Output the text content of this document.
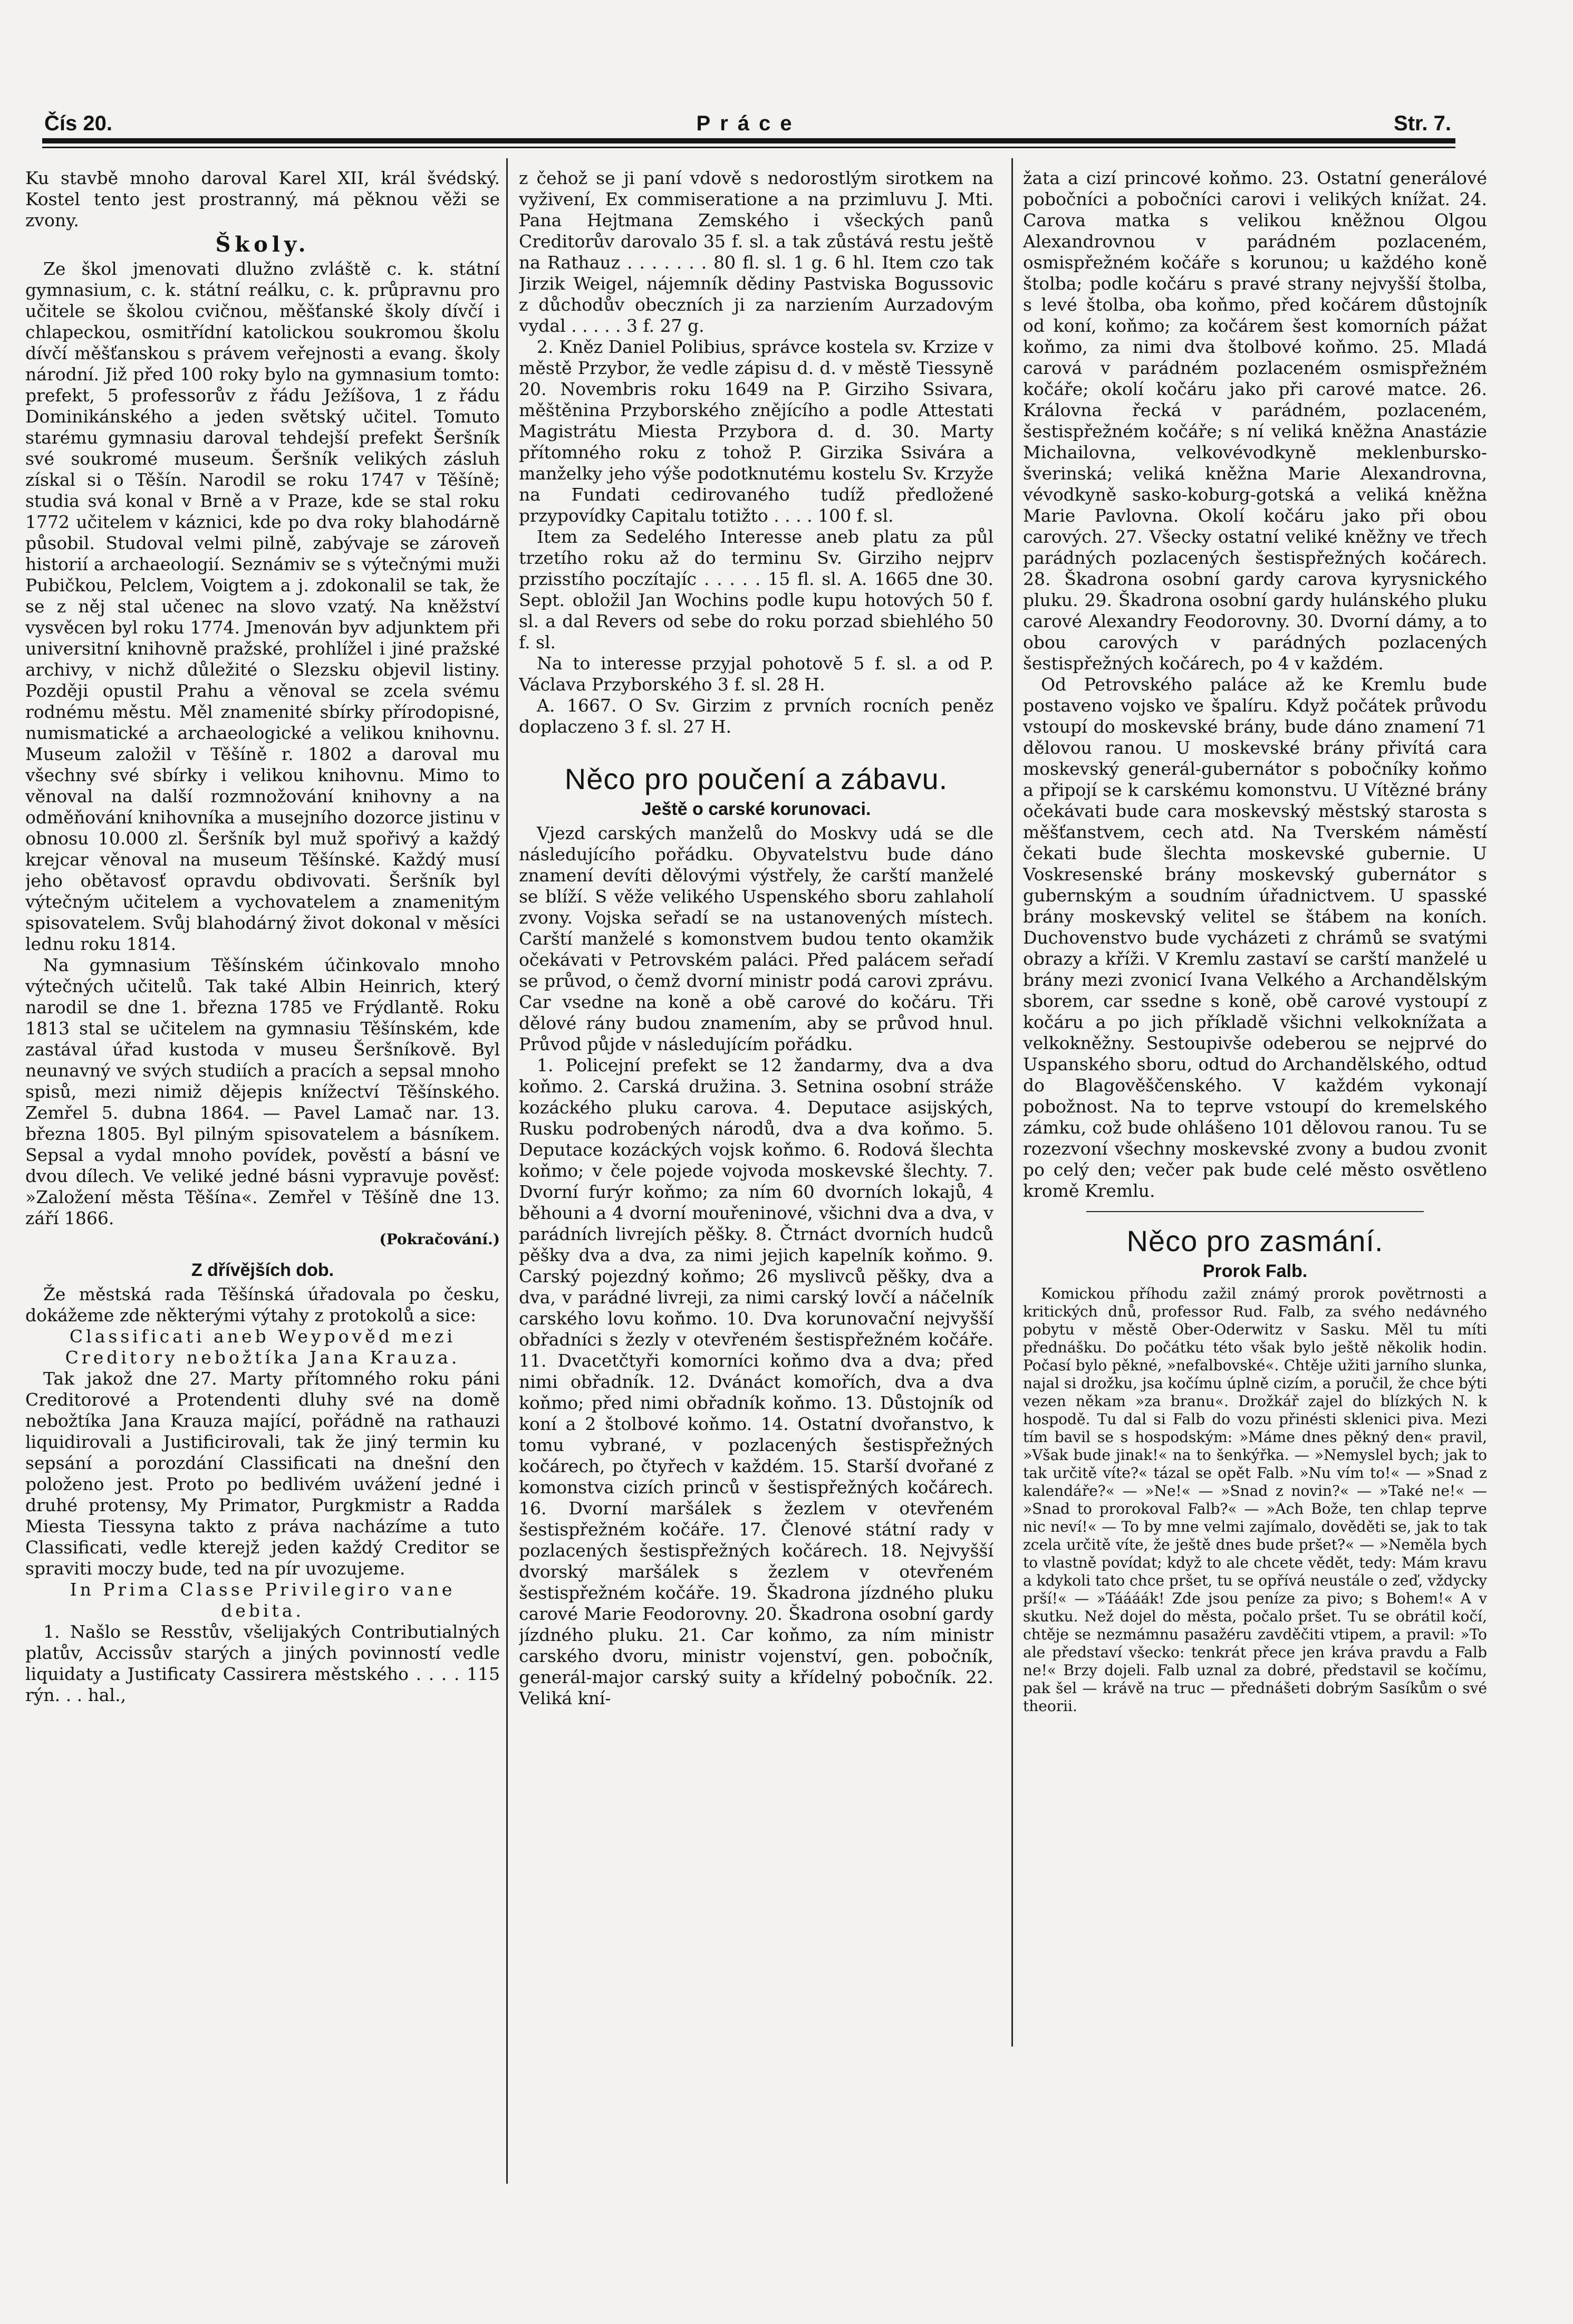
Čís 20.	Práce	Str. 7.

Ku stavbě mnoho daroval Karel XII, král švédský. Kostel tento jest prostranný, má pěknou věži se zvony.

Školy.

Ze škol jmenovati dlužno zvláště c. k. státní gymnasium, c. k. státní reálku, c. k. průpravnu pro učitele se školou cvičnou, měšťanské školy dívčí i chlapeckou, osmitřídní katolickou soukromou školu dívčí měšťanskou s právem veřejnosti a evang. školy národní. Již před 100 roky bylo na gymnasium tomto: prefekt, 5 professorův z řádu Ježíšova, 1 z řádu Dominikánského a jeden světský učitel. Tomuto starému gymnasiu daroval tehdejší prefekt Šeršník své soukromé museum. Šeršník velikých zásluh získal si o Těšín. Narodil se roku 1747 v Těšíně; studia svá konal v Brně a v Praze, kde se stal roku 1772 učitelem v káznici, kde po dva roky blahodárně působil. Studoval velmi pilně, zabývaje se zároveň historií a archaeologií. Seznámiv se s výtečnými muži Pubičkou, Pelclem, Voigtem a j. zdokonalil se tak, že se z něj stal učenec na slovo vzatý. Na kněžství vysvěcen byl roku 1774. Jmenován byv adjunktem při universitní knihovně pražské, prohlížel i jiné pražské archivy, v nichž důležité o Slezsku objevil listiny. Později opustil Prahu a věnoval se zcela svému rodnému městu. Měl znamenité sbírky přírodopisné, numismatické a archaeologické a velikou knihovnu. Museum založil v Těšíně r. 1802 a daroval mu všechny své sbírky i velikou knihovnu. Mimo to věnoval na další rozmnožování knihovny a na odměňování knihovníka a musejního dozorce jistinu v obnosu 10.000 zl. Šeršník byl muž spořivý a každý krejcar věnoval na museum Těšínské. Každý musí jeho obětavosť opravdu obdivovati. Šeršník byl výtečným učitelem a vychovatelem a znamenitým spisovatelem. Svůj blahodárný život dokonal v měsíci lednu roku 1814.

Na gymnasium Těšínském účinkovalo mnoho výtečných učitelů. Tak také Albin Heinrich, který narodil se dne 1. března 1785 ve Frýdlantě. Roku 1813 stal se učitelem na gymnasiu Těšínském, kde zastával úřad kustoda v museu Šeršníkově. Byl neunavný ve svých studiích a pracích a sepsal mnoho spisů, mezi nimiž dějepis knížectví Těšínského. Zemřel 5. dubna 1864. — Pavel Lamač nar. 13. března 1805. Byl pilným spisovatelem a básníkem. Sepsal a vydal mnoho povídek, pověstí a básní ve dvou dílech. Ve veliké jedné básni vypravuje pověsť: »Založení města Těšína«. Zemřel v Těšíně dne 13. září 1866.

(Pokračování.)
Z dřívějších dob.

Že městská rada Těšínská úřadovala po česku, dokážeme zde některými výtahy z protokolů a sice:

Classificati aneb Weypověd mezi Creditory nebožtíka Jana Krauza.

Tak jakož dne 27. Marty přítomného roku páni Creditorové a Protendenti dluhy své na domě nebožtíka Jana Krauza mající, pořádně na rathauzi liquidirovali a Justificirovali, tak že jiný termin ku sepsání a porozdání Classificati na dnešní den položeno jest. Proto po bedlivém uvážení jedné i druhé protensy, My Primator, Purgkmistr a Radda Miesta Tiessyna takto z práva nacházíme a tuto Classificati, vedle kterejž jeden každý Creditor se spraviti moczy bude, ted na pír uvozujeme.

In Prima Classe Privilegiro vane debita.

1. Našlo se Resstův, všelijakých Contributialných platův, Accissův starých a jiných povinností vedle liquidaty a Justificaty Cassirera městského . . . . 115 rýn. . . hal.,

z čehož se ji paní vdově s nedorostlým sirotkem na vyživení, Ex commiseratione a na przimluvu J. Mti. Pana Hejtmana Zemského i všeckých panů Creditorův darovalo 35 f. sl. a tak zůstává restu ještě na Rathauz . . . . . . . 80 fl. sl. 1 g. 6 hl. Item czo tak Jirzik Weigel, nájemník dědiny Pastviska Bogussovic z důchodův obeczních ji za narziením Aurzadovým vydal . . . . . 3 f. 27 g.

2. Kněz Daniel Polibius, správce kostela sv. Krzize v městě Przybor, že vedle zápisu d. d. v městě Tiessyně 20. Novembris roku 1649 na P. Girziho Ssivara, měštěnina Przyborského znějícího a podle Attestati Magistrátu Miesta Przybora d. d. 30. Marty přítomného roku z tohož P. Girzika Ssivára a manželky jeho výše podotknutému kostelu Sv. Krzyže na Fundati cedirovaného tudíž předložené przypovídky Capitalu totižto . . . . 100 f. sl.

Item za Sedelého Interesse aneb platu za půl trzetího roku až do terminu Sv. Girziho nejprv przisstího poczítajíc . . . . . 15 fl. sl. A. 1665 dne 30. Sept. obložil Jan Wochins podle kupu hotových 50 f. sl. a dal Revers od sebe do roku porzad sbiehlého 50 f. sl.

Na to interesse przyjal pohotově 5 f. sl. a od P. Václava Przyborského 3 f. sl. 28 H.

A. 1667. O Sv. Girzim z prvních rocních peněz doplaczeno 3 f. sl. 27 H.

Něco pro poučení a zábavu.
Ještě o carské korunovaci.

Vjezd carských manželů do Moskvy udá se dle následujícího pořádku. Obyvatelstvu bude dáno znamení devíti dělovými výstřely, že carští manželé se blíží. S věže velikého Uspenského sboru zahlaholí zvony. Vojska seřadí se na ustanovených místech. Carští manželé s komonstvem budou tento okamžik očekávati v Petrovském paláci. Před palácem seřadí se průvod, o čemž dvorní ministr podá carovi zprávu. Car vsedne na koně a obě carové do kočáru. Tři dělové rány budou znamením, aby se průvod hnul. Průvod půjde v následujícím pořádku.

1. Policejní prefekt se 12 žandarmy, dva a dva koňmo. 2. Carská družina. 3. Setnina osobní stráže kozáckého pluku carova. 4. Deputace asijských, Rusku podrobených národů, dva a dva koňmo. 5. Deputace kozáckých vojsk koňmo. 6. Rodová šlechta koňmo; v čele pojede vojvoda moskevské šlechty. 7. Dvorní furýr koňmo; za ním 60 dvorních lokajů, 4 běhouni a 4 dvorní mouřeninové, všichni dva a dva, v parádních livrejích pěšky. 8. Čtrnáct dvorních hudců pěšky dva a dva, za nimi jejich kapelník koňmo. 9. Carský pojezdný koňmo; 26 myslivců pěšky, dva a dva, v parádné livreji, za nimi carský lovčí a náčelník carského lovu koňmo. 10. Dva korunovační nejvyšší obřadníci s žezly v otevřeném šestispřežném kočáře. 11. Dvacetčtyři komorníci koňmo dva a dva; před nimi obřadník. 12. Dvánáct komořích, dva a dva koňmo; před nimi obřadník koňmo. 13. Důstojník od koní a 2 štolbové koňmo. 14. Ostatní dvořanstvo, k tomu vybrané, v pozlacených šestispřežných kočárech, po čtyřech v každém. 15. Starší dvořané z komonstva cizích princů v šestispřežných kočárech. 16. Dvorní maršálek s žezlem v otevřeném šestispřežném kočáře. 17. Členové státní rady v pozlacených šestispřežných kočárech. 18. Nejvyšší dvorský maršálek s žezlem v otevřeném šestispřežném kočáře. 19. Škadrona jízdného pluku carové Marie Feodorovny. 20. Škadrona osobní gardy jízdného pluku. 21. Car koňmo, za ním ministr carského dvoru, ministr vojenství, gen. pobočník, generál-major carský suity a křídelný pobočník. 22. Veliká kní-

žata a cizí princové koňmo. 23. Ostatní generálové pobočníci a pobočníci carovi i velikých knížat. 24. Carova matka s velikou kněžnou Olgou Alexandrovnou v parádném pozlaceném, osmispřežném kočáře s korunou; u každého koně štolba; podle kočáru s pravé strany nejvyšší štolba, s levé štolba, oba koňmo, před kočárem důstojník od koní, koňmo; za kočárem šest komorních pážat koňmo, za nimi dva štolbové koňmo. 25. Mladá carová v parádném pozlaceném osmispřežném kočáře; okolí kočáru jako při carové matce. 26. Královna řecká v parádném, pozlaceném, šestispřežném kočáře; s ní veliká kněžna Anastázie Michailovna, velkovévodkyně meklenbursko-šverinská; veliká kněžna Marie Alexandrovna, vévodkyně sasko-koburg-gotská a veliká kněžna Marie Pavlovna. Okolí kočáru jako při obou carových. 27. Všecky ostatní veliké kněžny ve třech parádných pozlacených šestispřežných kočárech. 28. Škadrona osobní gardy carova kyrysnického pluku. 29. Škadrona osobní gardy hulánského pluku carové Alexandry Feodorovny. 30. Dvorní dámy, a to obou carových v parádných pozlacených šestispřežných kočárech, po 4 v každém.

Od Petrovského paláce až ke Kremlu bude postaveno vojsko ve špalíru. Když počátek průvodu vstoupí do moskevské brány, bude dáno znamení 71 dělovou ranou. U moskevské brány přivítá cara moskevský generál-gubernátor s pobočníky koňmo a připojí se k carskému komonstvu. U Vítězné brány očekávati bude cara moskevský městský starosta s měšťanstvem, cech atd. Na Tverském náměstí čekati bude šlechta moskevské gubernie. U Voskresenské brány moskevský gubernátor s gubernským a soudním úřadnictvem. U spasské brány moskevský velitel se štábem na koních. Duchovenstvo bude vycházeti z chrámů se svatými obrazy a kříži. V Kremlu zastaví se carští manželé u brány mezi zvonicí Ivana Velkého a Archandělským sborem, car ssedne s koně, obě carové vystoupí z kočáru a po jich příkladě všichni velkoknížata a velkokněžny. Sestoupivše odeberou se nejprvé do Uspanského sboru, odtud do Archandělského, odtud do Blagověščenského. V každém vykonají pobožnost. Na to teprve vstoupí do kremelského zámku, což bude ohlášeno 101 dělovou ranou. Tu se rozezvoní všechny moskevské zvony a budou zvonit po celý den; večer pak bude celé město osvětleno kromě Kremlu.

Něco pro zasmání.
Prorok Falb.

Komickou příhodu zažil známý prorok povětrnosti a kritických dnů, professor Rud. Falb, za svého nedávného pobytu v městě Ober-Oderwitz v Sasku. Měl tu míti přednášku. Do počátku této však bylo ještě několik hodin. Počasí bylo pěkné, »nefalbovské«. Chtěje užiti jarního slunka, najal si drožku, jsa kočímu úplně cizím, a poručil, že chce býti vezen někam »za branu«. Drožkář zajel do blízkých N. k hospodě. Tu dal si Falb do vozu přinésti sklenici piva. Mezi tím bavil se s hospodským: »Máme dnes pěkný den« pravil, »Však bude jinak!« na to šenkýřka. — »Nemyslel bych; jak to tak určitě víte?« tázal se opět Falb. »Nu vím to!« — »Snad z kalendáře?« — »Ne!« — »Snad z novin?« — »Také ne!« — »Snad to prorokoval Falb?« — »Ach Bože, ten chlap teprve nic neví!« — To by mne velmi zajímalo, dověděti se, jak to tak zcela určitě víte, že ještě dnes bude pršet?« — »Neměla bych to vlastně povídat; když to ale chcete vědět, tedy: Mám kravu a kdykoli tato chce pršet, tu se opřívá neustále o zeď, vždycky prší!« — »Táááák! Zde jsou peníze za pivo; s Bohem!« A v skutku. Než dojel do města, počalo pršet. Tu se obrátil kočí, chtěje se nezmámnu pasažéru zavděčiti vtipem, a pravil: »To ale představí všecko: tenkrát přece jen kráva pravdu a Falb ne!« Brzy dojeli. Falb uznal za dobré, představil se kočímu, pak šel — krávě na truc — přednášeti dobrým Sasíkům o své theorii.
